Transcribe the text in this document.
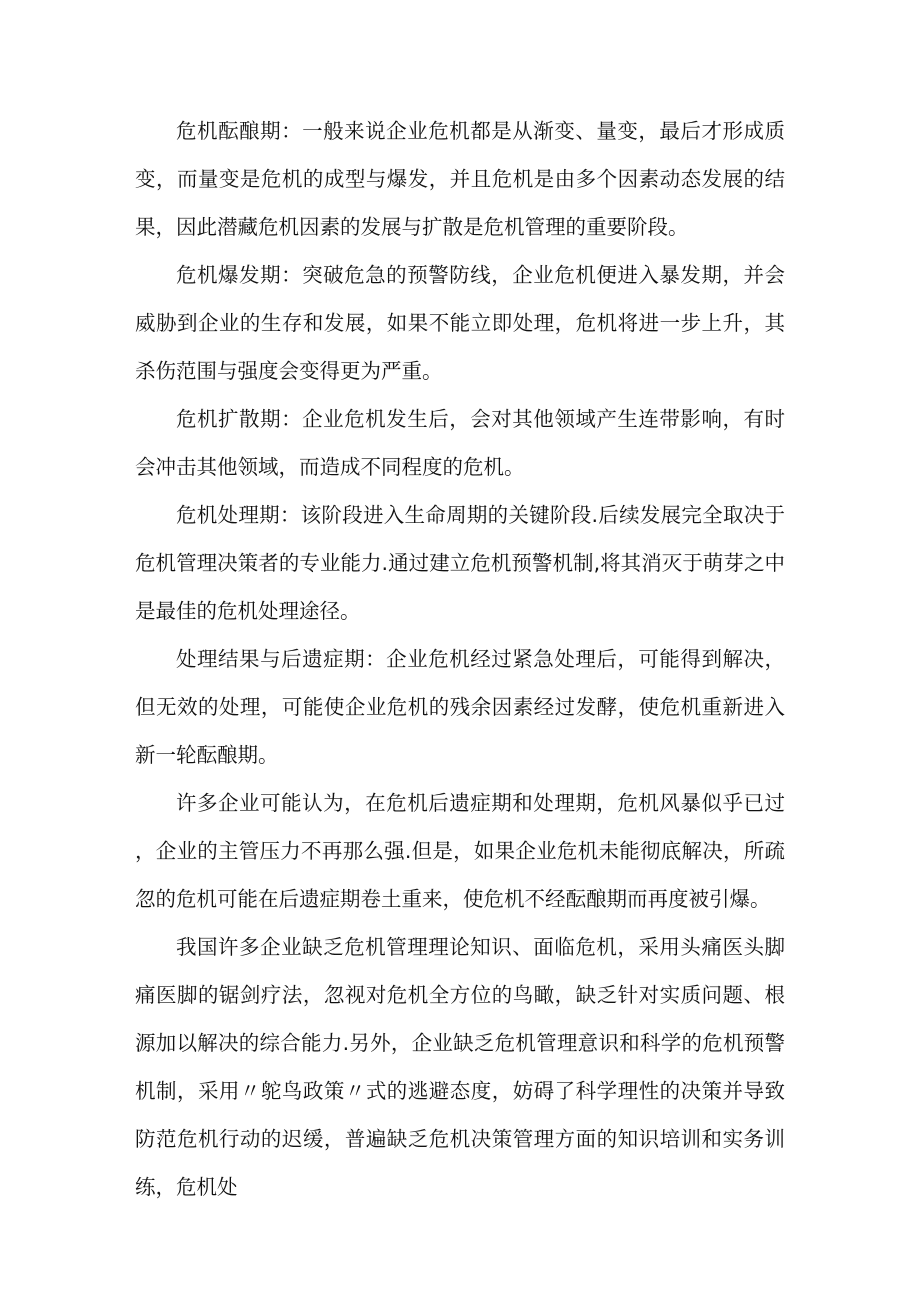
危机酝酿期：一般来说企业危机都是从渐变、量变，最后才形成质变，而量变是危机的成型与爆发，并且危机是由多个因素动态发展的结果，因此潜藏危机因素的发展与扩散是危机管理的重要阶段。

危机爆发期：突破危急的预警防线，企业危机便进入暴发期，并会威胁到企业的生存和发展，如果不能立即处理，危机将进一步上升，其杀伤范围与强度会变得更为严重。

危机扩散期：企业危机发生后，会对其他领域产生连带影响，有时会冲击其他领域，而造成不同程度的危机。

危机处理期：该阶段进入生命周期的关键阶段.后续发展完全取决于危机管理决策者的专业能力.通过建立危机预警机制,将其消灭于萌芽之中是最佳的危机处理途径。

处理结果与后遗症期：企业危机经过紧急处理后，可能得到解决，但无效的处理，可能使企业危机的残余因素经过发酵，使危机重新进入新一轮酝酿期。

许多企业可能认为，在危机后遗症期和处理期，危机风暴似乎已过，企业的主管压力不再那么强.但是，如果企业危机未能彻底解决，所疏忽的危机可能在后遗症期卷土重来，使危机不经酝酿期而再度被引爆。

我国许多企业缺乏危机管理理论知识、面临危机，采用头痛医头脚痛医脚的锯剑疗法，忽视对危机全方位的鸟瞰，缺乏针对实质问题、根源加以解决的综合能力.另外，企业缺乏危机管理意识和科学的危机预警机制，采用〃鸵鸟政策〃式的逃避态度，妨碍了科学理性的决策并导致防范危机行动的迟缓，普遍缺乏危机决策管理方面的知识培训和实务训练，危机处
